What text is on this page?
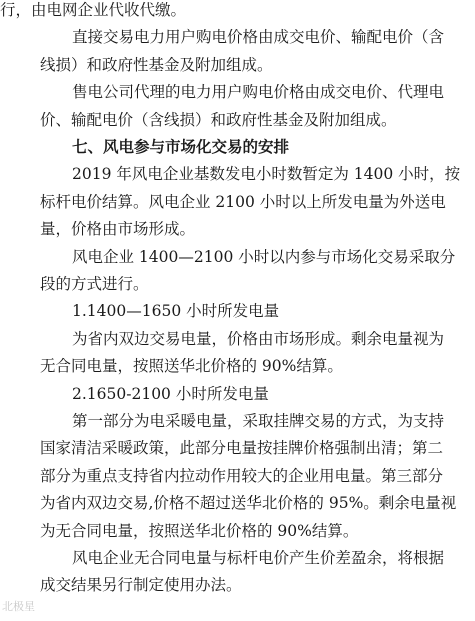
行，由电网企业代收代缴。
直接交易电力用户购电价格由成交电价、输配电价（含
线损）和政府性基金及附加组成。
售电公司代理的电力用户购电价格由成交电价、代理电
价、输配电价（含线损）和政府性基金及附加组成。
七、风电参与市场化交易的安排
2019 年风电企业基数发电小时数暂定为 1400 小时，按
标杆电价结算。风电企业 2100 小时以上所发电量为外送电
量，价格由市场形成。
风电企业 1400—2100 小时以内参与市场化交易采取分
段的方式进行。
1.1400—1650 小时所发电量
为省内双边交易电量，价格由市场形成。剩余电量视为
无合同电量，按照送华北价格的 90%结算。
2.1650-2100 小时所发电量
第一部分为电采暖电量，采取挂牌交易的方式，为支持
国家清洁采暖政策，此部分电量按挂牌价格强制出清；第二
部分为重点支持省内拉动作用较大的企业用电量。第三部分
为省内双边交易,价格不超过送华北价格的 95%。剩余电量视
为无合同电量，按照送华北价格的 90%结算。
风电企业无合同电量与标杆电价产生价差盈余，将根据
成交结果另行制定使用办法。
北极星
